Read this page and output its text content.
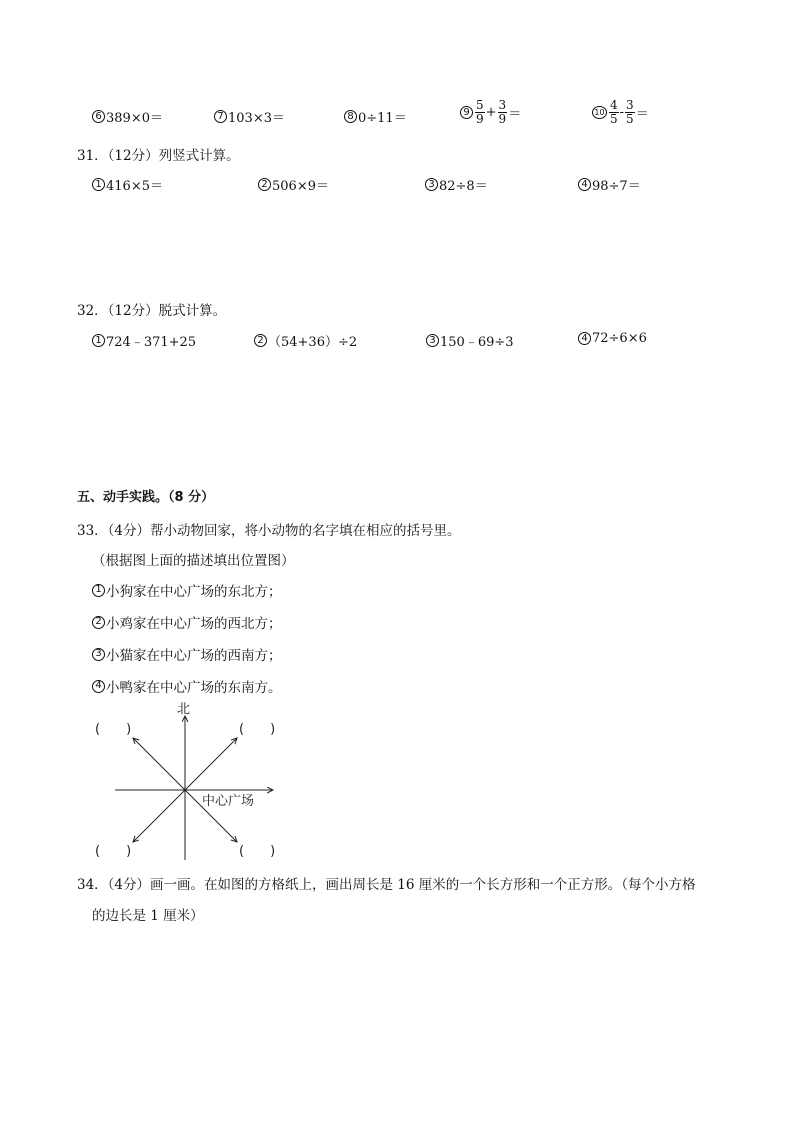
6 389×0＝	7 103×3＝	8 0÷11＝	$9 \frac{5}{9} + \frac{3}{9}$ ＝	$10 \frac{4}{5} - \frac{3}{5}$ ＝
31．（12分）列竖式计算。
1 416×5＝	2 506×9＝	3 82÷8＝	4 98÷7＝
32．（12分）脱式计算。
1 724﹣371+25	2 （54+36）÷2	3 150﹣69÷3	4 72÷6×6
五、动手实践。（8 分）
33．（4分）帮小动物回家，将小动物的名字填在相应的括号里。
（根据图上面的描述填出位置图）
1 小狗家在中心广场的东北方；
2 小鸡家在中心广场的西北方；
3 小猫家在中心广场的西南方；
4 小鸭家在中心广场的东南方。
北
中心广场
(　　)	(　　)
(　　)	(　　)
34．（4分）画一画。在如图的方格纸上，画出周长是 16 厘米的一个长方形和一个正方形。（每个小方格
的边长是 1 厘米）
